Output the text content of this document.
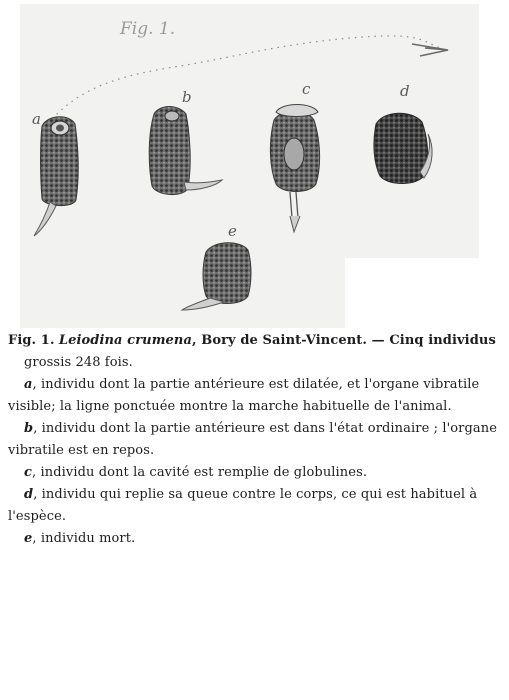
Fig. 1.
a
b	c	d
e

Fig. 1. Leiodina crumena, Bory de Saint-Vincent. — Cinq individus

grossis 248 fois.

a, individu dont la partie antérieure est dilatée, et l'organe vibratile visible; la ligne ponctuée montre la marche habituelle de l'animal.

b, individu dont la partie antérieure est dans l'état ordinaire ; l'organe vibratile est en repos.

c, individu dont la cavité est remplie de globulines.

d, individu qui replie sa queue contre le corps, ce qui est habituel à l'espèce.

e, individu mort.
